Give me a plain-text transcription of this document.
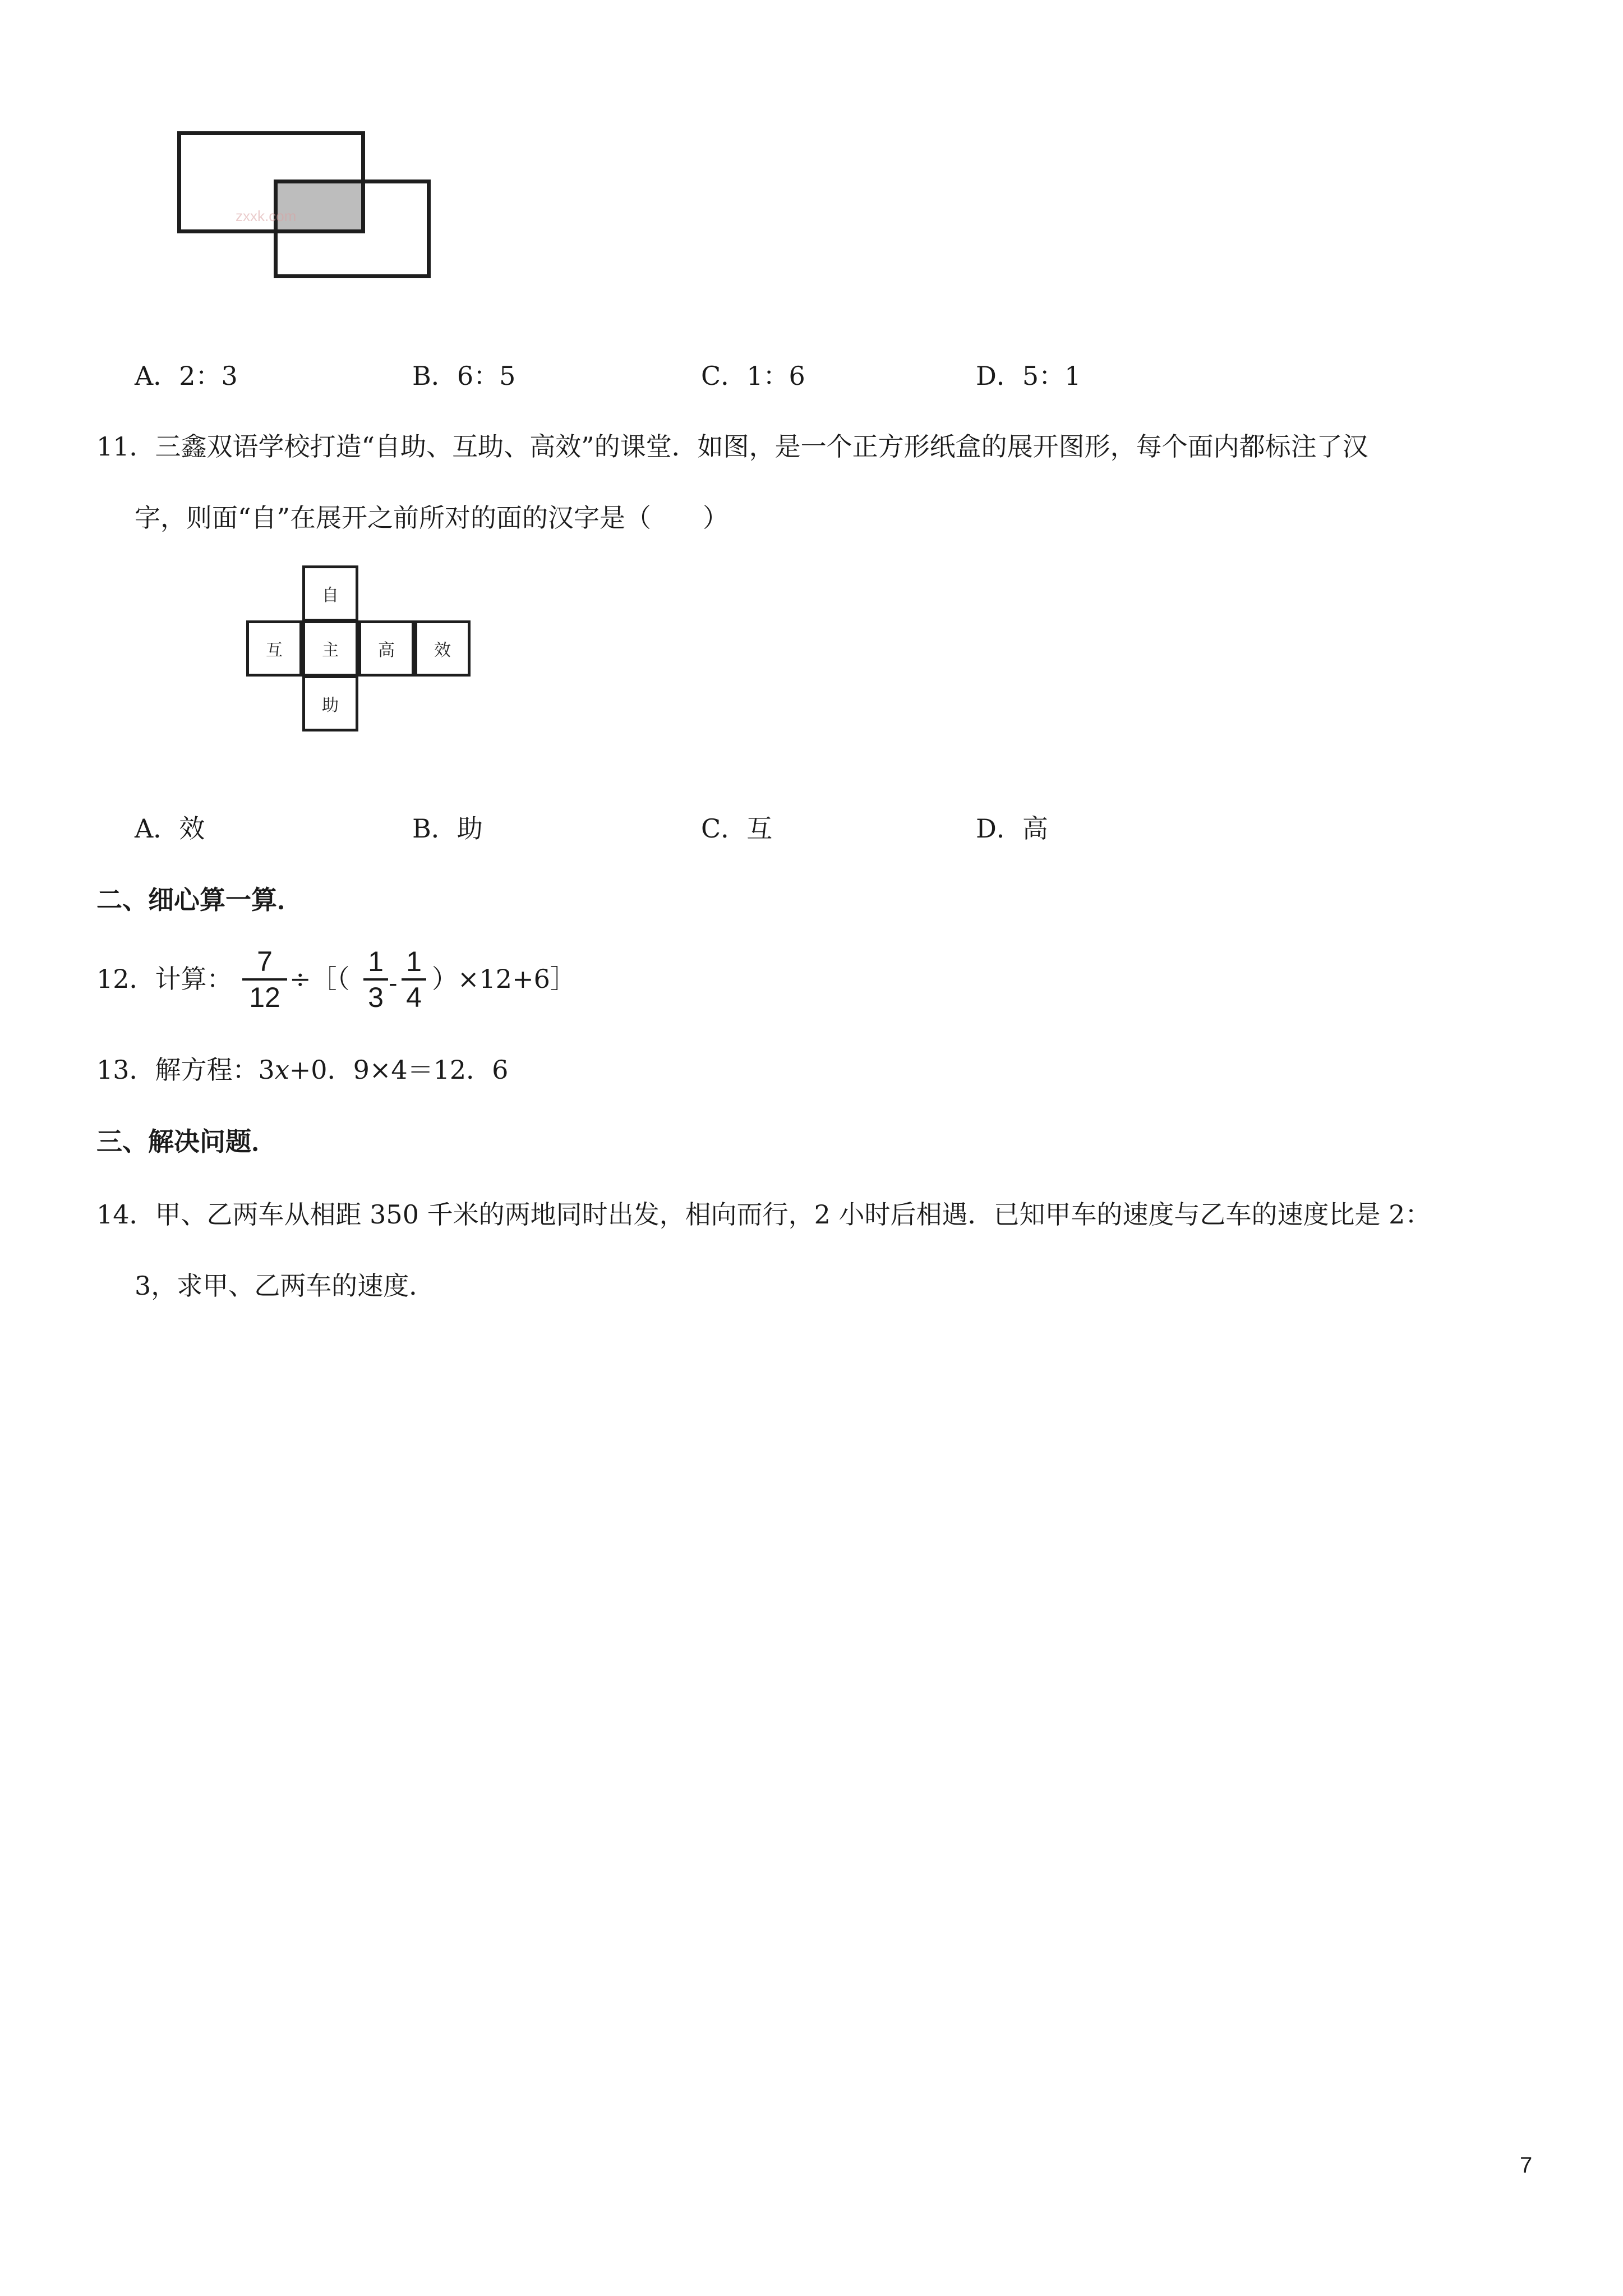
zxxk.com
A．2：3	B．6：5	C．1：6	D．5：1
11．三鑫双语学校打造“自助、互助、高效”的课堂．如图，是一个正方形纸盒的展开图形，每个面内都标注了汉
字，则面“自”在展开之前所对的面的汉字是（　　）
自
互	主	高	效
助
A．效	B．助	C．互	D．高
二、细心算一算．
12．计算：
7
12
÷［（
1
3 -
1
4
）×12+6］
13．解方程：3x+0．9×4＝12．6
三、解决问题．
14．甲、乙两车从相距 350 千米的两地同时出发，相向而行，2 小时后相遇．已知甲车的速度与乙车的速度比是 2：
3，求甲、乙两车的速度．
7
